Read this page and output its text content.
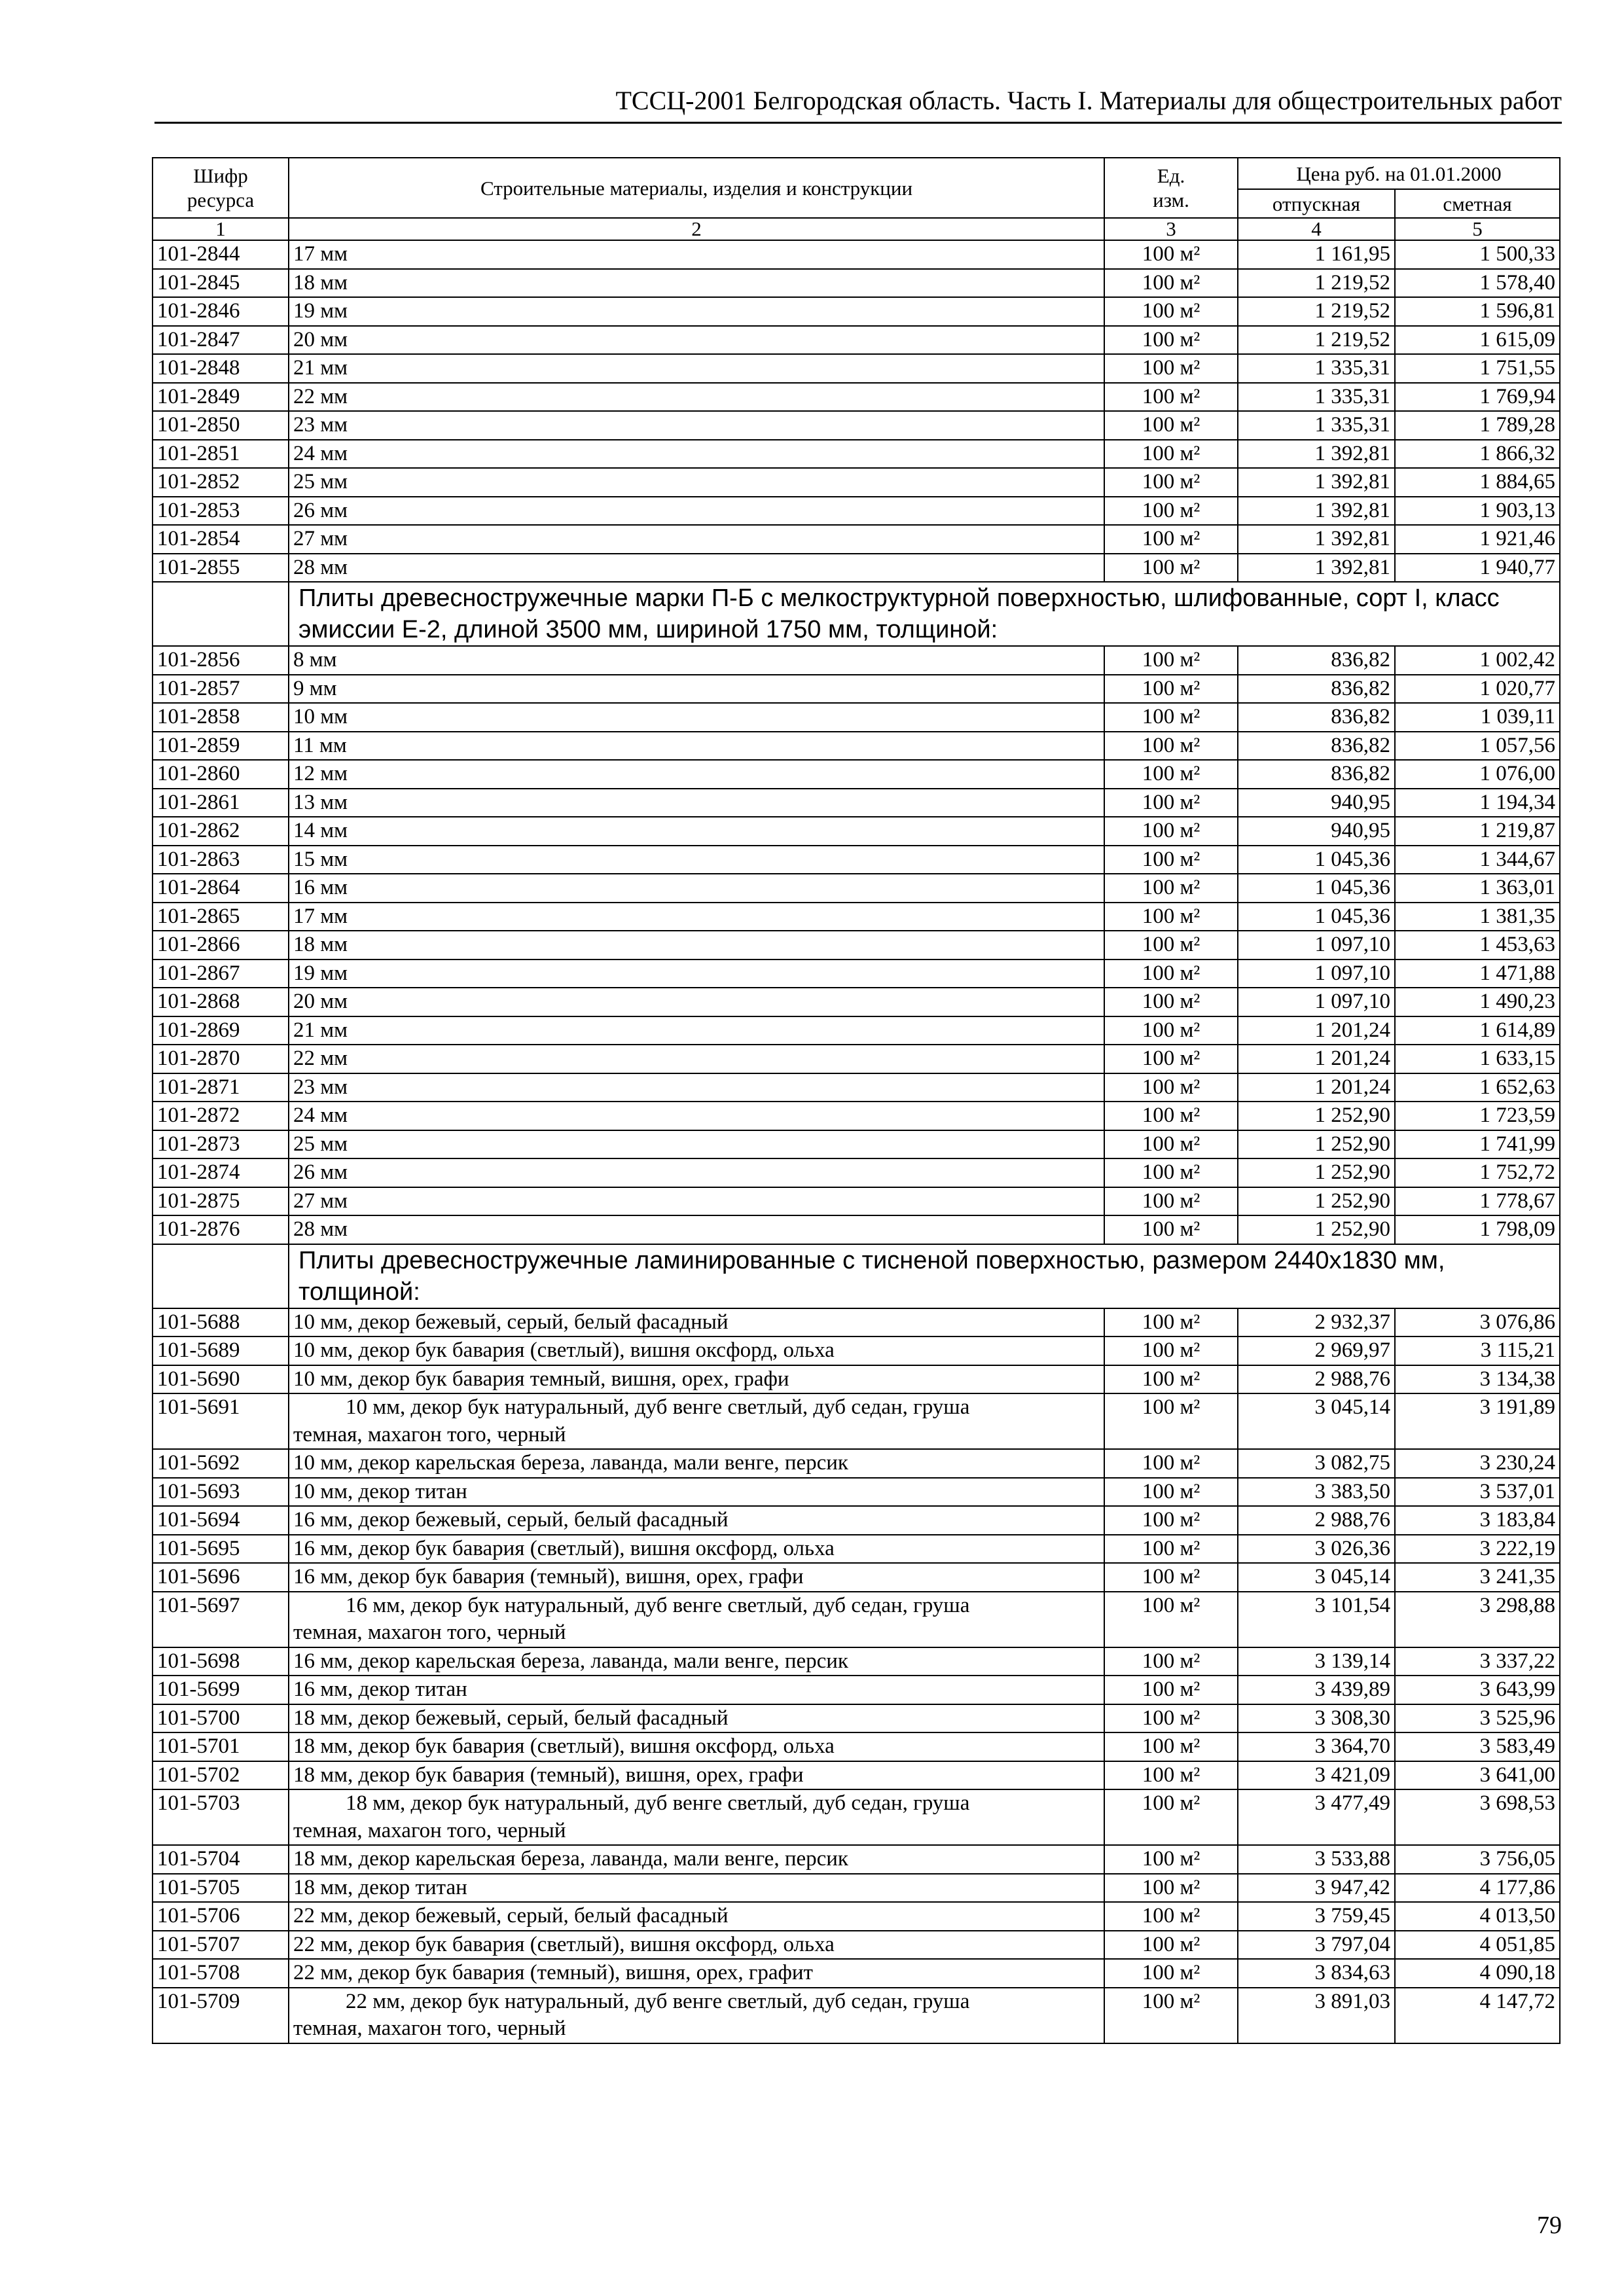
ТССЦ-2001 Белгородская область. Часть I. Материалы для общестроительных работ
Шифр
ресурса	Строительные материалы, изделия и конструкции	Ед.
изм.	Цена руб. на 01.01.2000	
			отпускная	сметная
1	2	3	4	5
101-2844	17 мм	100 м²	1 161,95	1 500,33
101-2845	18 мм	100 м²	1 219,52	1 578,40
101-2846	19 мм	100 м²	1 219,52	1 596,81
101-2847	20 мм	100 м²	1 219,52	1 615,09
101-2848	21 мм	100 м²	1 335,31	1 751,55
101-2849	22 мм	100 м²	1 335,31	1 769,94
101-2850	23 мм	100 м²	1 335,31	1 789,28
101-2851	24 мм	100 м²	1 392,81	1 866,32
101-2852	25 мм	100 м²	1 392,81	1 884,65
101-2853	26 мм	100 м²	1 392,81	1 903,13
101-2854	27 мм	100 м²	1 392,81	1 921,46
101-2855	28 мм	100 м²	1 392,81	1 940,77
	Плиты древесностружечные марки П-Б с мелкоструктурной поверхностью, шлифованные, сорт I, класс эмиссии Е-2, длиной 3500 мм, шириной 1750 мм, толщиной:			
101-2856	8 мм	100 м²	836,82	1 002,42
101-2857	9 мм	100 м²	836,82	1 020,77
101-2858	10 мм	100 м²	836,82	1 039,11
101-2859	11 мм	100 м²	836,82	1 057,56
101-2860	12 мм	100 м²	836,82	1 076,00
101-2861	13 мм	100 м²	940,95	1 194,34
101-2862	14 мм	100 м²	940,95	1 219,87
101-2863	15 мм	100 м²	1 045,36	1 344,67
101-2864	16 мм	100 м²	1 045,36	1 363,01
101-2865	17 мм	100 м²	1 045,36	1 381,35
101-2866	18 мм	100 м²	1 097,10	1 453,63
101-2867	19 мм	100 м²	1 097,10	1 471,88
101-2868	20 мм	100 м²	1 097,10	1 490,23
101-2869	21 мм	100 м²	1 201,24	1 614,89
101-2870	22 мм	100 м²	1 201,24	1 633,15
101-2871	23 мм	100 м²	1 201,24	1 652,63
101-2872	24 мм	100 м²	1 252,90	1 723,59
101-2873	25 мм	100 м²	1 252,90	1 741,99
101-2874	26 мм	100 м²	1 252,90	1 752,72
101-2875	27 мм	100 м²	1 252,90	1 778,67
101-2876	28 мм	100 м²	1 252,90	1 798,09
	Плиты древесностружечные ламинированные с тисненой поверхностью, размером 2440х1830 мм, толщиной:			
101-5688	10 мм, декор бежевый, серый, белый фасадный	100 м²	2 932,37	3 076,86
101-5689	10 мм, декор бук бавария (светлый), вишня оксфорд, ольха	100 м²	2 969,97	3 115,21
101-5690	10 мм, декор бук бавария темный, вишня, орех, графи	100 м²	2 988,76	3 134,38
101-5691	10 мм, декор бук натуральный, дуб венге светлый, дуб седан, груша
темная, махагон того, черный	100 м²	3 045,14	3 191,89
101-5692	10 мм, декор карельская береза, лаванда, мали венге, персик	100 м²	3 082,75	3 230,24
101-5693	10 мм, декор титан	100 м²	3 383,50	3 537,01
101-5694	16 мм, декор бежевый, серый, белый фасадный	100 м²	2 988,76	3 183,84
101-5695	16 мм, декор бук бавария (светлый), вишня оксфорд, ольха	100 м²	3 026,36	3 222,19
101-5696	16 мм, декор бук бавария (темный), вишня, орех, графи	100 м²	3 045,14	3 241,35
101-5697	16 мм, декор бук натуральный, дуб венге светлый, дуб седан, груша
темная, махагон того, черный	100 м²	3 101,54	3 298,88
101-5698	16 мм, декор карельская береза, лаванда, мали венге, персик	100 м²	3 139,14	3 337,22
101-5699	16 мм, декор титан	100 м²	3 439,89	3 643,99
101-5700	18 мм, декор бежевый, серый, белый фасадный	100 м²	3 308,30	3 525,96
101-5701	18 мм, декор бук бавария (светлый), вишня оксфорд, ольха	100 м²	3 364,70	3 583,49
101-5702	18 мм, декор бук бавария (темный), вишня, орех, графи	100 м²	3 421,09	3 641,00
101-5703	18 мм, декор бук натуральный, дуб венге светлый, дуб седан, груша
темная, махагон того, черный	100 м²	3 477,49	3 698,53
101-5704	18 мм, декор карельская береза, лаванда, мали венге, персик	100 м²	3 533,88	3 756,05
101-5705	18 мм, декор титан	100 м²	3 947,42	4 177,86
101-5706	22 мм, декор бежевый, серый, белый фасадный	100 м²	3 759,45	4 013,50
101-5707	22 мм, декор бук бавария (светлый), вишня оксфорд, ольха	100 м²	3 797,04	4 051,85
101-5708	22 мм, декор бук бавария (темный), вишня, орех, графит	100 м²	3 834,63	4 090,18
101-5709	22 мм, декор бук натуральный, дуб венге светлый, дуб седан, груша
темная, махагон того, черный	100 м²	3 891,03	4 147,72
79
